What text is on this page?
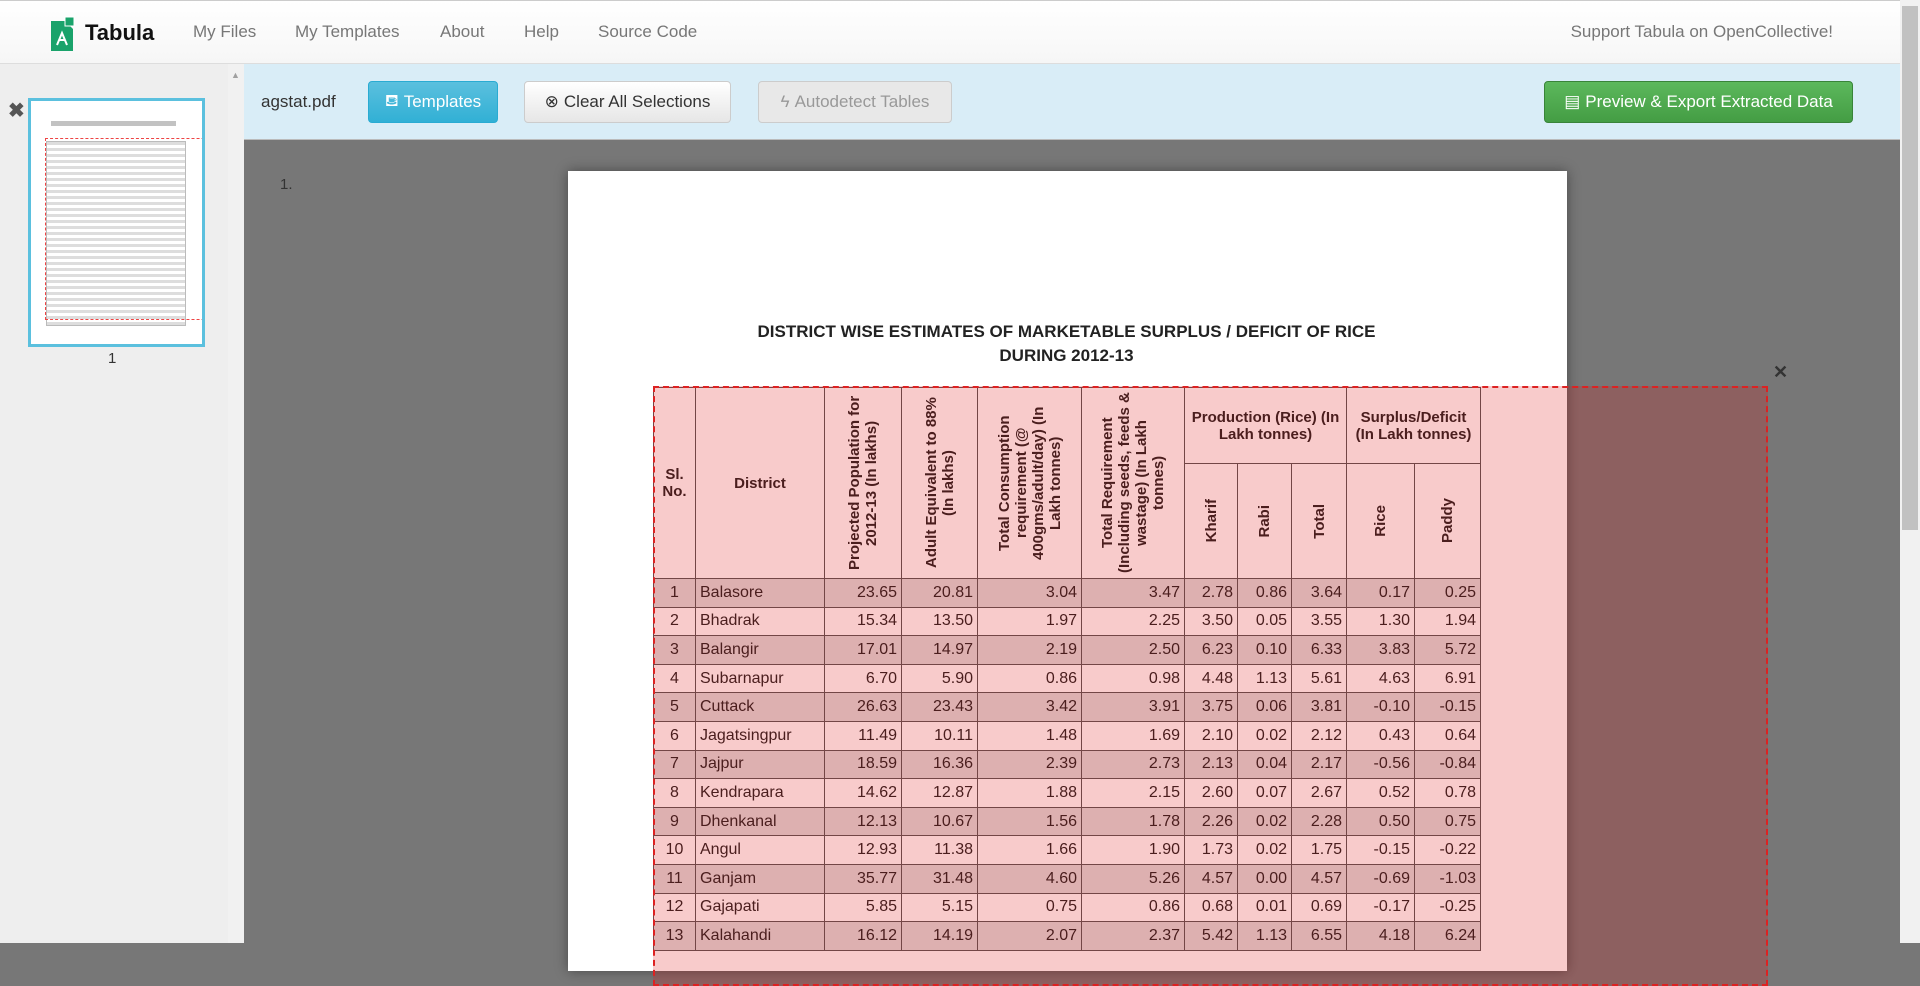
Tabula My Files My Templates About Help Source Code	Support Tabula on OpenCollective!
▲
✖
1
agstat.pdf	⛾ Templates	⊗ Clear All Selections	ϟ Autodetect Tables	▤ Preview & Export Extracted Data
1.
DISTRICT WISE ESTIMATES OF MARKETABLE SURPLUS / DEFICIT OF RICE
DURING 2012-13
Sl. No.	District	Projected Population for 2012-13 (In lakhs)	Adult Equivalent to 88% (In lakhs)	Total Consumption requirement (@ 400gms/adult/day) (In Lakh tonnes)	Total Requirement (Including seeds, feeds & wastage) (In Lakh tonnes)	Production (Rice) (In Lakh tonnes)			Surplus/Deficit (In Lakh tonnes)	

						Kharif	Rabi	Total	Rice	Paddy

1	Balasore	23.65	20.81	3.04	3.47	2.78	0.86	3.64	0.17	0.25
2	Bhadrak	15.34	13.50	1.97	2.25	3.50	0.05	3.55	1.30	1.94
3	Balangir	17.01	14.97	2.19	2.50	6.23	0.10	6.33	3.83	5.72
4	Subarnapur	6.70	5.90	0.86	0.98	4.48	1.13	5.61	4.63	6.91
5	Cuttack	26.63	23.43	3.42	3.91	3.75	0.06	3.81	-0.10	-0.15
6	Jagatsingpur	11.49	10.11	1.48	1.69	2.10	0.02	2.12	0.43	0.64
7	Jajpur	18.59	16.36	2.39	2.73	2.13	0.04	2.17	-0.56	-0.84
8	Kendrapara	14.62	12.87	1.88	2.15	2.60	0.07	2.67	0.52	0.78
9	Dhenkanal	12.13	10.67	1.56	1.78	2.26	0.02	2.28	0.50	0.75
10	Angul	12.93	11.38	1.66	1.90	1.73	0.02	1.75	-0.15	-0.22
11	Ganjam	35.77	31.48	4.60	5.26	4.57	0.00	4.57	-0.69	-1.03
12	Gajapati	5.85	5.15	0.75	0.86	0.68	0.01	0.69	-0.17	-0.25
13	Kalahandi	16.12	14.19	2.07	2.37	5.42	1.13	6.55	4.18	6.24
✕
